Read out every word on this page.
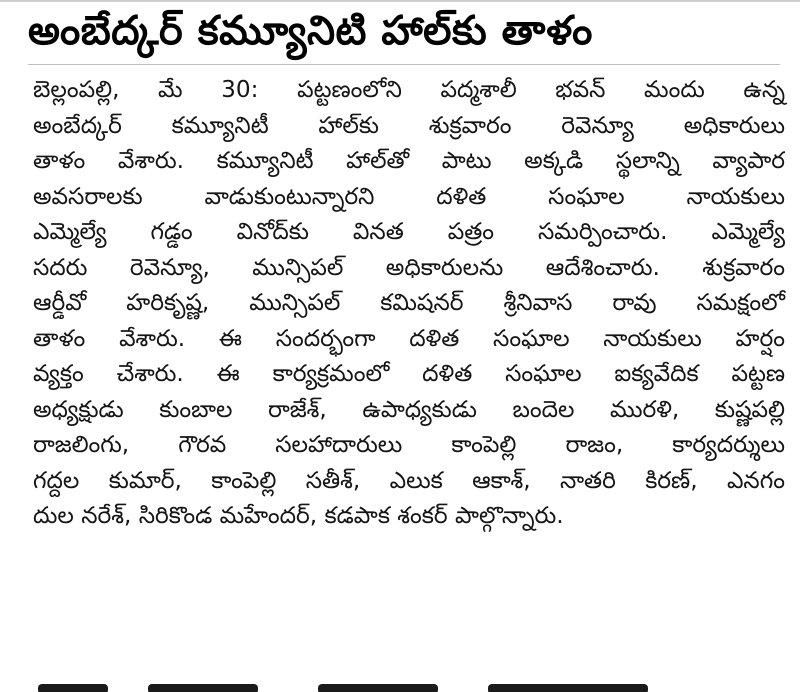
అంబేద్కర్ కమ్యూనిటి హాల్‌కు తాళం
బెల్లంపల్లి, మే 30: పట్టణంలోని పద్మశాలీ భవన్ మందు ఉన్న
అంబేద్కర్ కమ్యూనిటీ హాల్‌కు శుక్రవారం రెవెన్యూ అధికారులు
తాళం వేశారు. కమ్యూనిటీ హాల్‌తో పాటు అక్కడి స్థలాన్ని వ్యాపార
అవసరాలకు వాడుకుంటున్నారని దళిత సంఘాల నాయకులు
ఎమ్మెల్యే గడ్డం వినోద్‌కు వినత పత్రం సమర్పించారు. ఎమ్మెల్యే
సదరు రెవెన్యూ, మున్సిపల్ అధికారులను ఆదేశించారు. శుక్రవారం
ఆర్డీవో హరికృష్ణ, మున్సిపల్ కమిషనర్ శ్రీనివాస రావు సమక్షంలో
తాళం వేశారు. ఈ సందర్భంగా దళిత సంఘాల నాయకులు హర్షం
వ్యక్తం చేశారు. ఈ కార్యక్రమంలో దళిత సంఘాల ఐక్యవేదిక పట్టణ
అధ్యక్షుడు కుంబాల రాజేశ్, ఉపాధ్యకుడు బందెల మురళి, కుష్ణపల్లి
రాజలింగు, గౌరవ సలహాదారులు కాంపెల్లి రాజం, కార్యదర్శులు
గద్దల కుమార్, కాంపెల్లి సతీశ్, ఎలుక ఆకాశ్, నాతరి కిరణ్, ఎనగం
దుల నరేశ్, సిరికొండ మహేందర్, కడపాక శంకర్ పాల్గొన్నారు.
